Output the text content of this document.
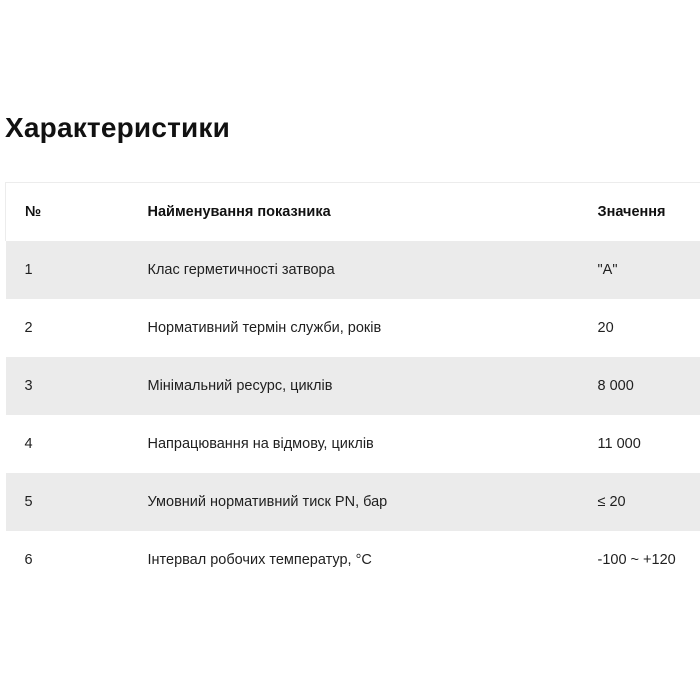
Характеристики
№	Найменування показника	Значення
1	Клас герметичності затвора	"A"
2	Нормативний термін служби, років	20
3	Мінімальний ресурс, циклів	8 000
4	Напрацювання на відмову, циклів	11 000
5	Умовний нормативний тиск PN, бар	≤ 20
6	Інтервал робочих температур, °С	-100 ~ +120
